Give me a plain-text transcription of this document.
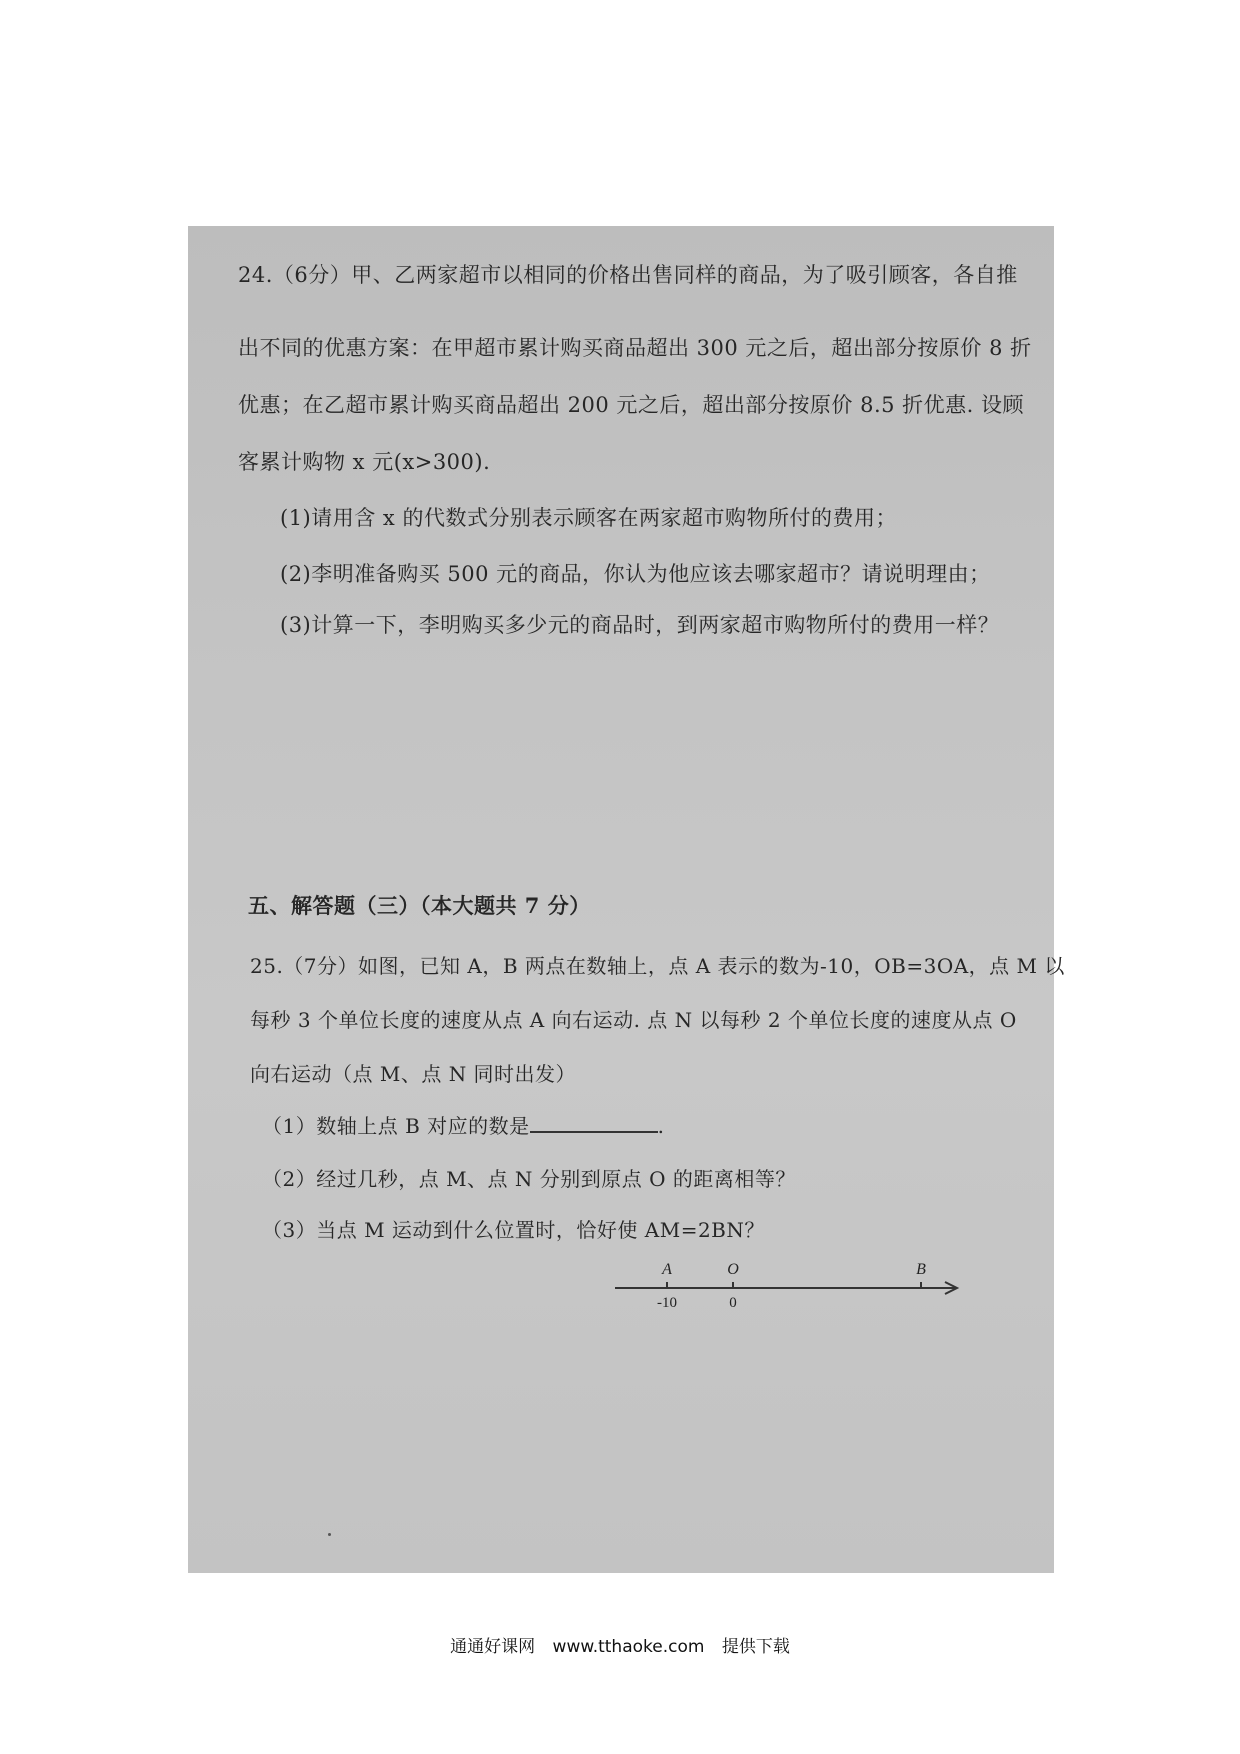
24.（6分）甲、乙两家超市以相同的价格出售同样的商品，为了吸引顾客，各自推
出不同的优惠方案：在甲超市累计购买商品超出 300 元之后，超出部分按原价 8 折
优惠；在乙超市累计购买商品超出 200 元之后，超出部分按原价 8.5 折优惠. 设顾
客累计购物 x 元(x>300).
(1)请用含 x 的代数式分别表示顾客在两家超市购物所付的费用；
(2)李明准备购买 500 元的商品，你认为他应该去哪家超市？请说明理由；
(3)计算一下，李明购买多少元的商品时，到两家超市购物所付的费用一样？
五、解答题（三）（本大题共 7 分）
25.（7分）如图，已知 A，B 两点在数轴上，点 A 表示的数为-10，OB=3OA，点 M 以
每秒 3 个单位长度的速度从点 A 向右运动. 点 N 以每秒 2 个单位长度的速度从点 O
向右运动（点 M、点 N 同时出发）
（1）数轴上点 B 对应的数是	.
（2）经过几秒，点 M、点 N 分别到原点 O 的距离相等？
（3）当点 M 运动到什么位置时，恰好使 AM=2BN？
A	O	B
-10	0
通通好课网 www.tthaoke.com 提供下载
